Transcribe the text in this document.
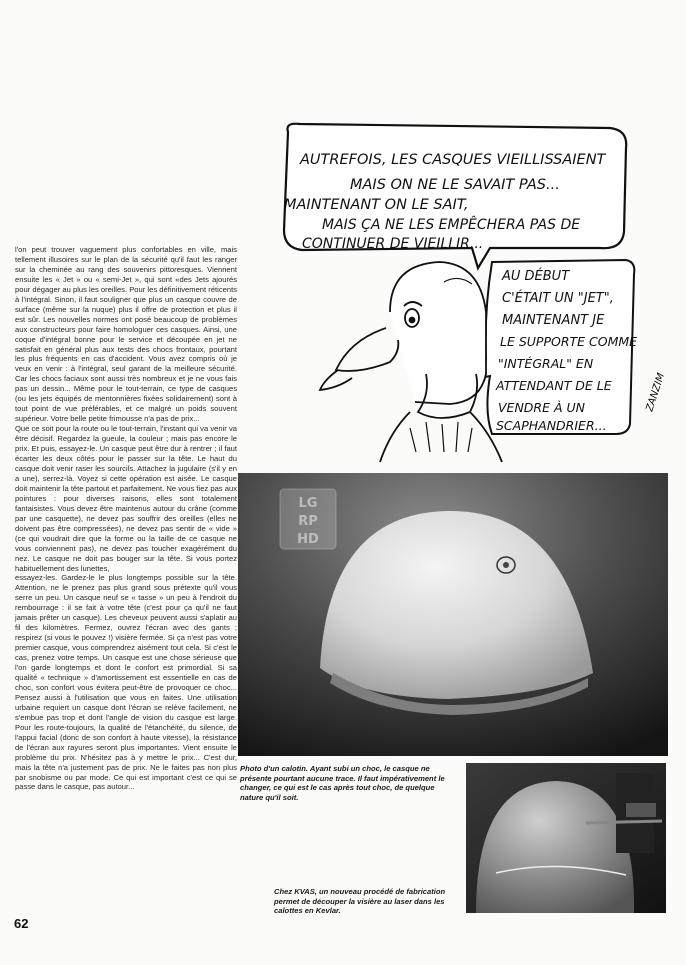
l'on peut trouver vaguement plus confortables en ville, mais tellement illusoires sur le plan de la sécurité qu'il faut les ranger sur la cheminée au rang des souvenirs pittoresques. Viennent ensuite les « Jet » ou « semi-Jet », qui sont «des Jets ajourés pour dégager au plus les oreilles. Pour les définitivement réticents à l'intégral. Sinon, il faut souligner que plus un casque couvre de surface (même sur la nuque) plus il offre de protection et plus il est sûr. Les nouvelles normes ont posé beaucoup de problèmes aux constructeurs pour faire homologuer ces casques. Ainsi, une coque d'intégral bonne pour le service et découpée en jet ne satisfait en général plus aux tests des chocs frontaux, pourtant les plus fréquents en cas d'accident. Vous avez compris où je veux en venir : à l'intégral, seul garant de la meilleure sécurité. Car les chocs faciaux sont aussi très nombreux et je ne vous fais pas un dessin... Même pour le tout-terrain, ce type de casques (ou les jets équipés de mentonnières fixées solidairement) sont à tout point de vue préférables, et ce malgré un poids souvent supérieur. Votre belle petite frimousse n'a pas de prix...
Que ce soit pour la route ou le tout-terrain, l'instant qui va venir va être décisif. Regardez la gueule, la couleur ; mais pas encore le prix. Et puis, essayez-le. Un casque peut être dur à rentrer ; il faut écarter les deux côtés pour le passer sur la tête. Le haut du casque doit venir raser les sourcils. Attachez la jugulaire (s'il y en a une), serrez-là. Voyez si cette opération est aisée. Le casque doit maintenir la tête partout et parfaitement. Ne vous fiez pas aux pointures : pour diverses raisons, elles sont totalement fantaisistes. Vous devez être maintenus autour du crâne (comme par une casquette), ne devez pas souffrir des oreilles (elles ne doivent pas être compressées), ne devez pas sentir de « vide » (ce qui voudrait dire que la forme ou la taille de ce casque ne vous conviennent pas), ne devez pas toucher exagérément du nez. Le casque ne doit pas bouger sur la tête. Si vous portez habituellement des lunettes,
essayez-les. Gardez-le le plus longtemps possible sur la tête. Attention, ne le prenez pas plus grand sous prétexte qu'il vous serre un peu. Un casque neuf se « tasse » un peu à l'endroit du rembourrage : il se fait à votre tête (c'est pour ça qu'il ne faut jamais prêter un casque). Les cheveux peuvent aussi s'aplatir au fil des kilomètres. Fermez, ouvrez l'écran avec des gants ; respirez (si vous le pouvez !) visière fermée. Si ça n'est pas votre premier casque, vous comprendrez aisément tout cela. Si c'est le cas, prenez votre temps. Un casque est une chose sérieuse que l'on garde longtemps et dont le confort est primordial. Si sa qualité « technique » d'amortissement est essentielle en cas de choc, son confort vous évitera peut-être de provoquer ce choc... Pensez aussi à l'utilisation que vous en faites. Une utilisation urbaine requiert un casque dont l'écran se relève facilement, ne s'embue pas trop et dont l'angle de vision du casque est large. Pour les route-toujours, la qualité de l'étanchéité, du silence, de l'appui facial (donc de son confort à haute vitesse), la résistance de l'écran aux rayures seront plus importantes. Vient ensuite le problème du prix. N'hésitez pas à y mettre le prix... C'est dur, mais la tête n'a justement pas de prix. Ne le faites pas non plus par snobisme ou par mode. Ce qui est important c'est ce qui se passe dans le casque, pas autour...
62
AUTREFOIS, LES CASQUES VIEILLISSAIENT
MAIS ON NE LE SAVAIT PAS...
MAINTENANT ON LE SAIT,
MAIS ÇA NE LES EMPÊCHERA PAS DE
CONTINUER DE VIEILLIR...
AU DÉBUT
C'ÉTAIT UN "JET",
MAINTENANT JE
LE SUPPORTE COMME
"INTÉGRAL" EN
ATTENDANT DE LE
VENDRE À UN
SCAPHANDRIER...
ZANZIM
LG
RP
HD
Photo d'un calotin. Ayant subi un choc, le casque ne présente pourtant aucune trace. Il faut impérativement le changer, ce qui est le cas après tout choc, de quelque nature qu'il soit.
Chez KVAS, un nouveau procédé de fabrication permet de découper la visière au laser dans les calottes en Kevlar.
